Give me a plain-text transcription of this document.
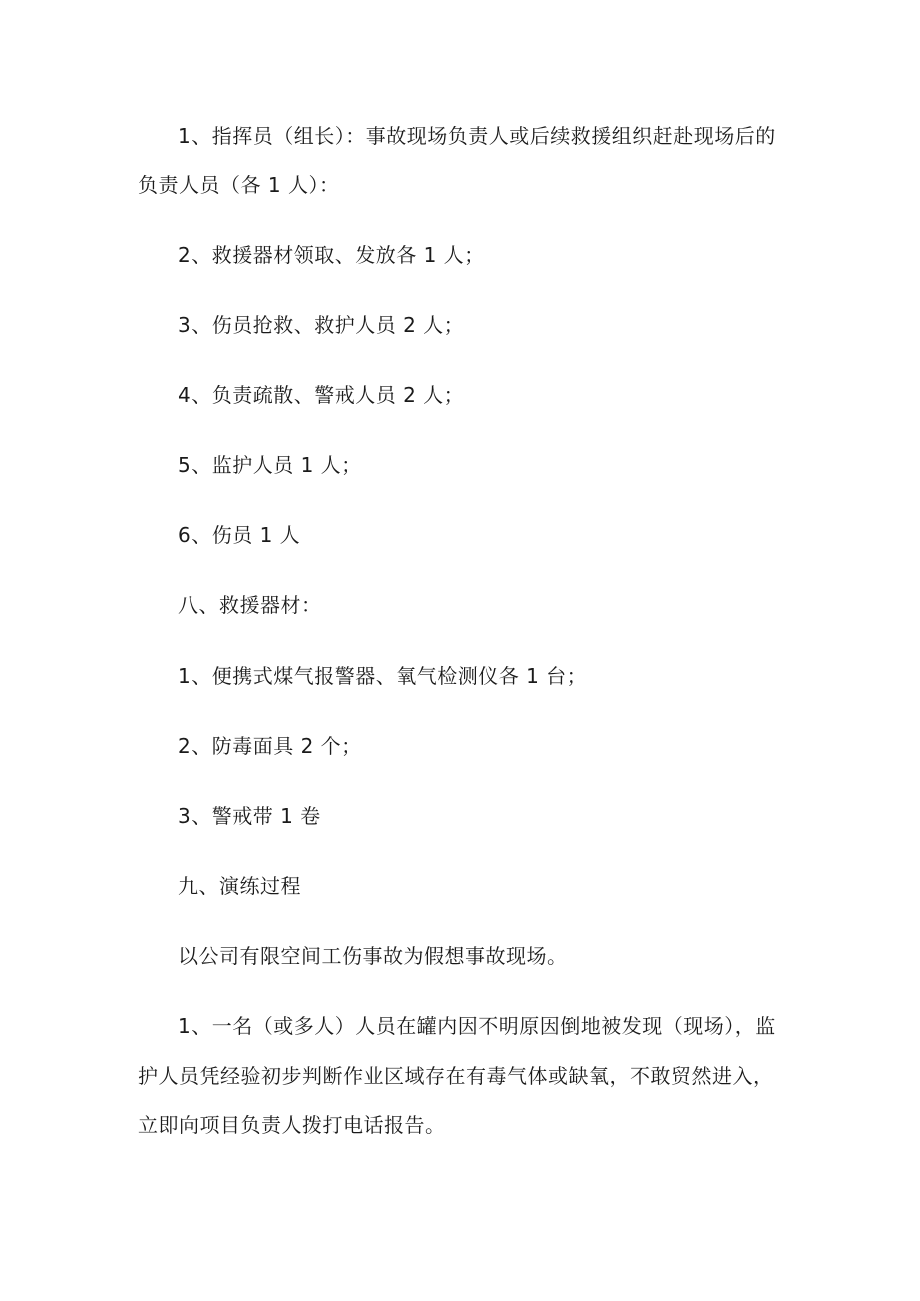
1、指挥员（组长）：事故现场负责人或后续救援组织赶赴现场后的
负责人员（各 1 人）：
2、救援器材领取、发放各 1 人；
3、伤员抢救、救护人员 2 人；
4、负责疏散、警戒人员 2 人；
5、监护人员 1 人；
6、伤员 1 人
八、救援器材：
1、便携式煤气报警器、氧气检测仪各 1 台；
2、防毒面具 2 个；
3、警戒带 1 卷
九、演练过程
以公司有限空间工伤事故为假想事故现场。
1、一名（或多人）人员在罐内因不明原因倒地被发现（现场），监
护人员凭经验初步判断作业区域存在有毒气体或缺氧，不敢贸然进入，
立即向项目负责人拨打电话报告。
